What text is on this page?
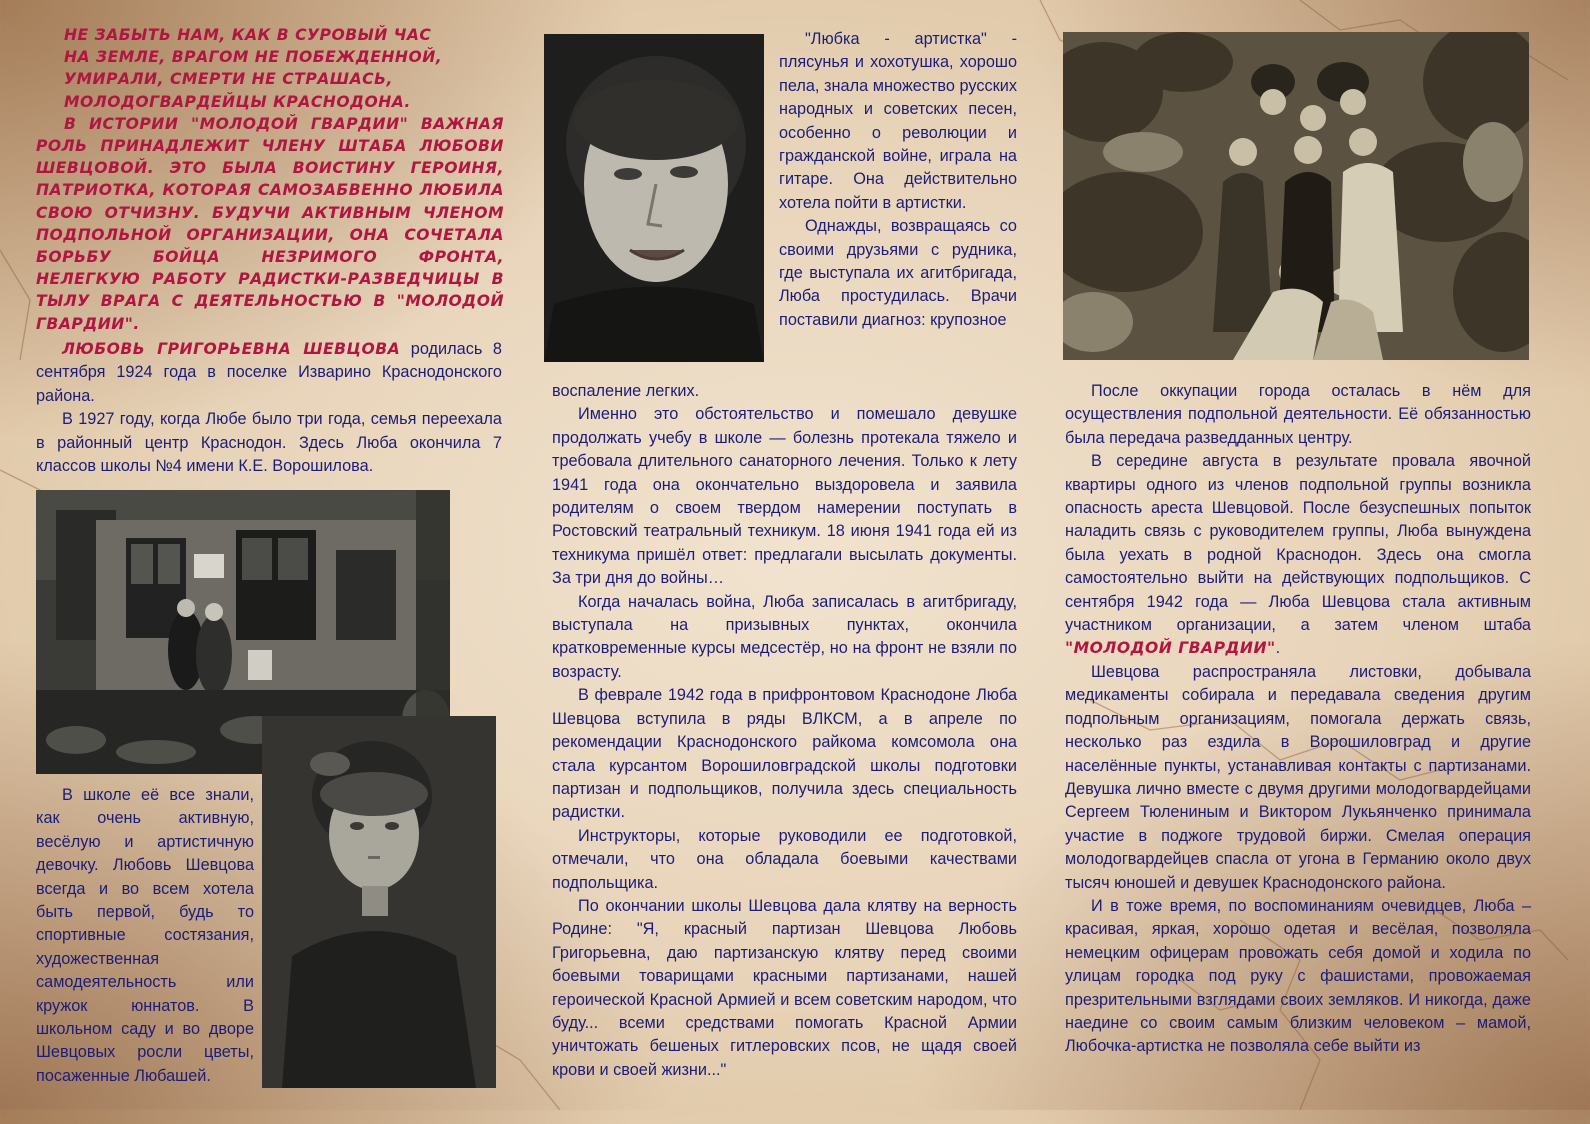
НЕ ЗАБЫТЬ НАМ, КАК В СУРОВЫЙ ЧАС
НА ЗЕМЛЕ, ВРАГОМ НЕ ПОБЕЖДЕННОЙ,
УМИРАЛИ, СМЕРТИ НЕ СТРАШАСЬ,
МОЛОДОГВАРДЕЙЦЫ КРАСНОДОНА.

В ИСТОРИИ "МОЛОДОЙ ГВАРДИИ" ВАЖНАЯ РОЛЬ ПРИНАДЛЕЖИТ ЧЛЕНУ ШТАБА ЛЮБОВИ ШЕВЦОВОЙ. ЭТО БЫЛА ВОИСТИНУ ГЕРОИНЯ, ПАТРИОТКА, КОТОРАЯ САМОЗАБВЕННО ЛЮБИЛА СВОЮ ОТЧИЗНУ. БУДУЧИ АКТИВНЫМ ЧЛЕНОМ ПОДПОЛЬНОЙ ОРГАНИЗАЦИИ, ОНА СОЧЕТАЛА БОРЬБУ БОЙЦА НЕЗРИМОГО ФРОНТА, НЕЛЕГКУЮ РАБОТУ РАДИСТКИ-РАЗВЕДЧИЦЫ В ТЫЛУ ВРАГА С ДЕЯТЕЛЬНОСТЬЮ В "МОЛОДОЙ ГВАРДИИ".

ЛЮБОВЬ ГРИГОРЬЕВНА ШЕВЦОВА родилась 8 сентября 1924 года в поселке Изварино Краснодонского района.

В 1927 году, когда Любе было три года, семья переехала в районный центр Краснодон. Здесь Люба окончила 7 классов школы №4 имени К.Е. Ворошилова.

В школе её все знали, как очень активную, весёлую и артистичную девочку. Любовь Шевцова всегда и во всем хотела быть первой, будь то спортивные состязания, художественная самодеятельность или кружок юннатов. В школьном саду и во дворе Шевцовых росли цветы, посаженные Любашей.

"Любка - артистка" - плясунья и хохотушка, хорошо пела, знала множество русских народных и советских песен, особенно о революции и гражданской войне, играла на гитаре. Она действительно хотела пойти в артистки.

Однажды, возвращаясь со своими друзьями с рудника, где выступала их агитбригада, Люба простудилась. Врачи поставили диагноз: крупозное

воспаление легких.

Именно это обстоятельство и помешало девушке продолжать учебу в школе — болезнь протекала тяжело и требовала длительного санаторного лечения. Только к лету 1941 года она окончательно выздоровела и заявила родителям о своем твердом намерении поступать в Ростовский театральный техникум. 18 июня 1941 года ей из техникума пришёл ответ: предлагали высылать документы. За три дня до войны…

Когда началась война, Люба записалась в агитбригаду, выступала на призывных пунктах, окончила кратковременные курсы медсестёр, но на фронт не взяли по возрасту.

В феврале 1942 года в прифронтовом Краснодоне Люба Шевцова вступила в ряды ВЛКСМ, а в апреле по рекомендации Краснодонского райкома комсомола она стала курсантом Ворошиловградской школы подготовки партизан и подпольщиков, получила здесь специальность радистки.

Инструкторы, которые руководили ее подготовкой, отмечали, что она обладала боевыми качествами подпольщика.

По окончании школы Шевцова дала клятву на верность Родине: "Я, красный партизан Шевцова Любовь Григорьевна, даю партизанскую клятву перед своими боевыми товарищами красными партизанами, нашей героической Красной Армией и всем советским народом, что буду... всеми средствами помогать Красной Армии уничтожать бешеных гитлеровских псов, не щадя своей крови и своей жизни..."

После оккупации города осталась в нём для осуществления подпольной деятельности. Её обязанностью была передача разведданных центру.

В середине августа в результате провала явочной квартиры одного из членов подпольной группы возникла опасность ареста Шевцовой. После безуспешных попыток наладить связь с руководителем группы, Люба вынуждена была уехать в родной Краснодон. Здесь она смогла самостоятельно выйти на действующих подпольщиков. С сентября 1942 года — Люба Шевцова стала активным участником организации, а затем членом штаба "МОЛОДОЙ ГВАРДИИ".

Шевцова распространяла листовки, добывала медикаменты собирала и передавала сведения другим подпольным организациям, помогала держать связь, несколько раз ездила в Ворошиловград и другие населённые пункты, устанавливая контакты с партизанами. Девушка лично вместе с двумя другими молодогвардейцами Сергеем Тюлениным и Виктором Лукьянченко принимала участие в поджоге трудовой биржи. Смелая операция молодогвардейцев спасла от угона в Германию около двух тысяч юношей и девушек Краснодонского района.

И в тоже время, по воспоминаниям очевидцев, Люба – красивая, яркая, хорошо одетая и весёлая, позволяла немецким офицерам провожать себя домой и ходила по улицам городка под руку с фашистами, провожаемая презрительными взглядами своих земляков. И никогда, даже наедине со своим самым близким человеком – мамой, Любочка-артистка не позволяла себе выйти из
